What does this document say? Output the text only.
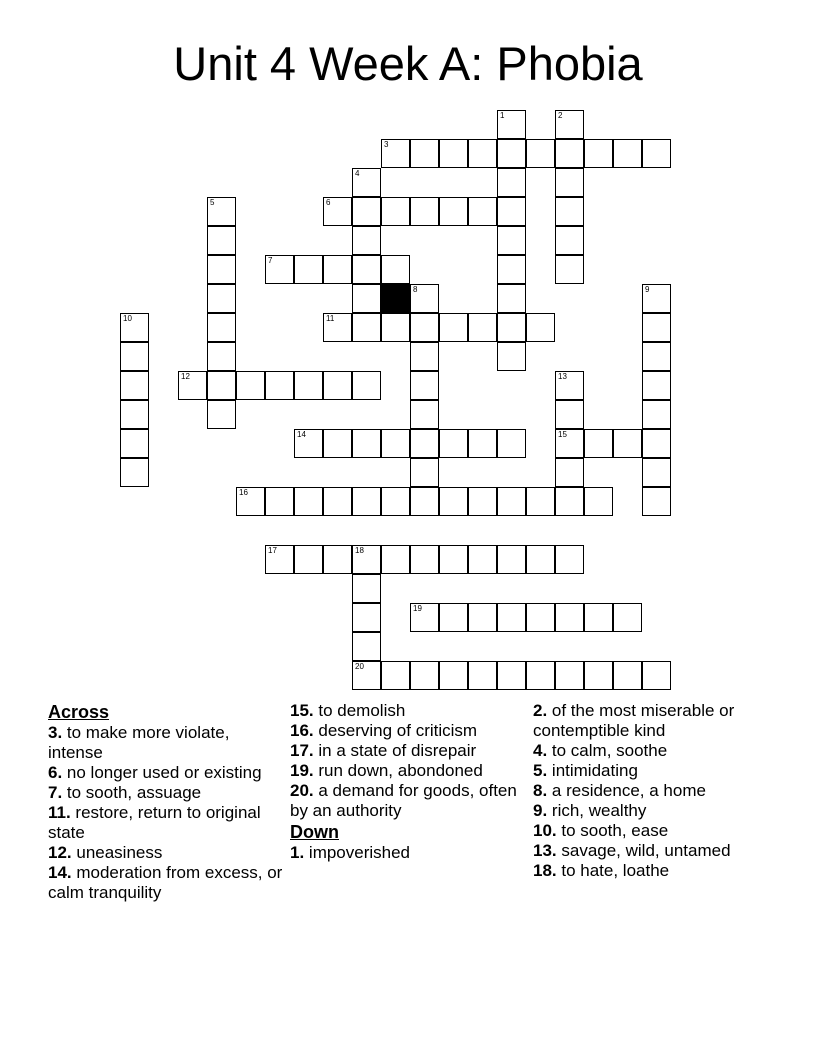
Unit 4 Week A: Phobia
1	2
3
4
5	6
7
8	9
10	11
12	13
14	15
16
17	18
19
20
Across
3. to make more violate, intense
6. no longer used or existing
7. to sooth, assuage
11. restore, return to original state
12. uneasiness
14. moderation from excess, or calm tranquility
15. to demolish
16. deserving of criticism
17. in a state of disrepair
19. run down, abondoned
20. a demand for goods, often by an authority
Down
1. impoverished
2. of the most miserable or contemptible kind
4. to calm, soothe
5. intimidating
8. a residence, a home
9. rich, wealthy
10. to sooth, ease
13. savage, wild, untamed
18. to hate, loathe
